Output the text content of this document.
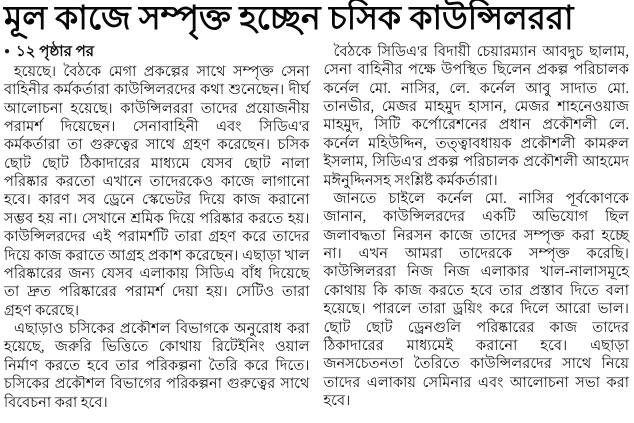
মূল কাজে সম্পৃক্ত হচ্ছেন চসিক কাউন্সিলররা
● ১২ পৃষ্ঠার পর

হয়েছে। বৈঠকে মেগা প্রকল্পের সাথে সম্পৃক্ত সেনা বাহিনীর কর্মকর্তারা কাউন্সিলরদের কথা শুনেছেন। দীর্ঘ আলোচনা হয়েছে। কাউন্সিলররা তাদের প্রয়োজনীয় পরামর্শ দিয়েছেন। সেনাবাহিনী এবং সিডিএ'র কর্মকর্তারা তা গুরুত্বের সাথে গ্রহণ করেছেন। চসিক ছোট ছোট ঠিকাদারের মাধ্যমে যেসব ছোট নালা পরিষ্কার করতো এখানে তাদেরকেও কাজে লাগানো হবে। কারণ সব ড্রেনে স্কেভেটর দিয়ে কাজ করানো সম্ভব হয় না। সেখানে শ্রমিক দিয়ে পরিষ্কার করতে হয়। কাউন্সিলরদের এই পরামর্শটি তারা গ্রহণ করে তাদের দিয়ে কাজ করাতে আগ্রহ প্রকাশ করেছেন। এছাড়া খাল পরিষ্কারের জন্য যেসব এলাকায় সিডিএ বাঁধ দিয়েছে তা দ্রুত পরিষ্কারের পরামর্শ দেয়া হয়। সেটিও তারা গ্রহণ করেছে।

এছাড়াও চসিকের প্রকৌশল বিভাগকে অনুরোধ করা হয়েছে, জরুরি ভিত্তিতে কোথায় রিটেইনিং ওয়াল নির্মাণ করতে হবে তার পরিকল্পনা তৈরি করে দিতে। চসিকের প্রকৌশল বিভাগের পরিকল্পনা গুরুত্বের সাথে বিবেচনা করা হবে।

বৈঠকে সিডিএ'র বিদায়ী চেয়ারম্যান আবদুচ ছালাম, সেনা বাহিনীর পক্ষে উপস্থিত ছিলেন প্রকল্প পরিচালক কর্নেল মো. নাসির, লে. কর্নেল আবু সাদাত মো. তানভীর, মেজর মাহমুদ হাসান, মেজর শাহনেওয়াজ মাহমুদ, সিটি কর্পোরেশনের প্রধান প্রকৌশলী লে. কর্নেল মহিউদ্দিন, তত্ত্বাবধায়ক প্রকৌশলী কামরুল ইসলাম, সিডিএ'র প্রকল্প পরিচালক প্রকৌশলী আহমেদ মঈনুদ্দিনসহ সংশ্লিষ্ট কর্মকর্তারা।

জানতে চাইলে কর্নেল মো. নাসির পূর্বকোণকে জানান, কাউন্সিলরদের একটি অভিযোগ ছিল জলাবদ্ধতা নিরসন কাজে তাদের সম্পৃক্ত করা হচ্ছে না। এখন আমরা তাদেরকে সম্পৃক্ত করেছি। কাউন্সিলররা নিজ নিজ এলাকার খাল-নালাসমূহে কোথায় কি কাজ করতে হবে তার প্রস্তাব দিতে বলা হয়েছে। পারলে তারা ড্রয়িং করে দিলে আরো ভাল। ছোট ছোট ড্রেনগুলি পরিষ্কারের কাজ তাদের ঠিকাদারের মাধ্যমেই করানো হবে। এছাড়া জনসচেতনতা তৈরিতে কাউন্সিলরদের সাথে নিয়ে তাদের এলাকায় সেমিনার এবং আলোচনা সভা করা হবে।
